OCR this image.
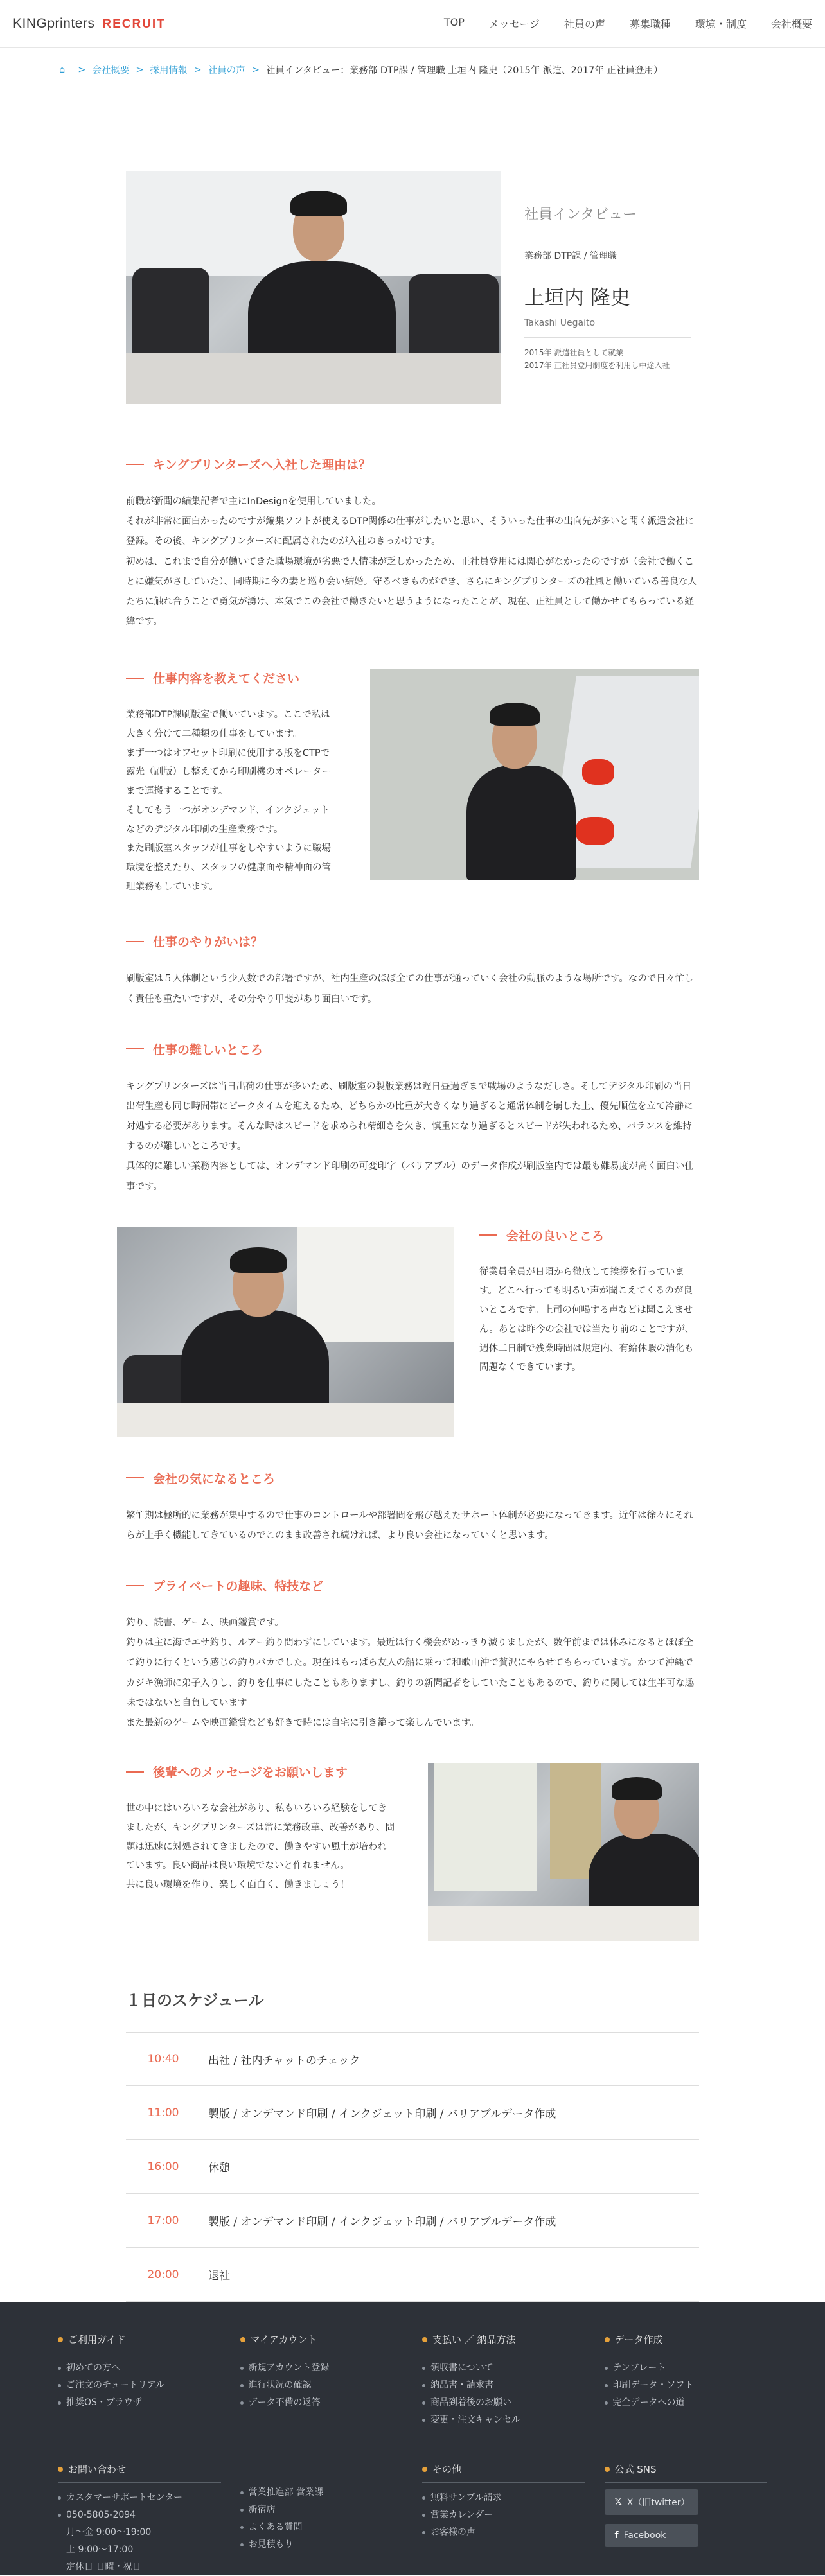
KINGprinters RECRUIT	TOP メッセージ 社員の声 募集職種 環境・制度 会社概要
⌂ > 会社概要 > 採用情報 > 社員の声 > 社員インタビュー：業務部 DTP課 / 管理職 上垣内 隆史（2015年 派遣、2017年 正社員登用）
社員インタビュー
業務部 DTP課 / 管理職
上垣内 隆史
Takashi Uegaito
2015年 派遣社員として就業
2017年 正社員登用制度を利用し中途入社
キングプリンターズへ入社した理由は？

前職が新聞の編集記者で主にInDesignを使用していました。
それが非常に面白かったのですが編集ソフトが使えるDTP関係の仕事がしたいと思い、そういった仕事の出向先が多いと聞く派遣会社に登録。その後、キングプリンターズに配属されたのが入社のきっかけです。
初めは、これまで自分が働いてきた職場環境が劣悪で人情味が乏しかったため、正社員登用には関心がなかったのですが（会社で働くことに嫌気がさしていた）、同時期に今の妻と巡り会い結婚。守るべきものができ、さらにキングプリンターズの社風と働いている善良な人たちに触れ合うことで勇気が湧け、本気でこの会社で働きたいと思うようになったことが、現在、正社員として働かせてもらっている経緯です。

仕事内容を教えてください

業務部DTP課刷版室で働いています。ここで私は大きく分けて二種類の仕事をしています。
まず一つはオフセット印刷に使用する版をCTPで露光（刷版）し整えてから印刷機のオペレーターまで運搬することです。
そしてもう一つがオンデマンド、インクジェットなどのデジタル印刷の生産業務です。
また刷版室スタッフが仕事をしやすいように職場環境を整えたり、スタッフの健康面や精神面の管理業務もしています。

仕事のやりがいは？

刷版室は５人体制という少人数での部署ですが、社内生産のほぼ全ての仕事が通っていく会社の動脈のような場所です。なので日々忙しく責任も重たいですが、その分やり甲斐があり面白いです。

仕事の難しいところ

キングプリンターズは当日出荷の仕事が多いため、刷版室の製版業務は遅日昼過ぎまで戦場のようなだしさ。そしてデジタル印刷の当日出荷生産も同じ時間帯にピークタイムを迎えるため、どちらかの比重が大きくなり過ぎると通常体制を崩した上、優先順位を立て冷静に対処する必要があります。そんな時はスピードを求められ精細さを欠き、慎重になり過ぎるとスピードが失われるため、バランスを維持するのが難しいところです。
具体的に難しい業務内容としては、オンデマンド印刷の可変印字（バリアブル）のデータ作成が刷版室内では最も難易度が高く面白い仕事です。

会社の良いところ

従業員全員が日頃から徹底して挨拶を行っています。どこへ行っても明るい声が聞こえてくるのが良いところです。上司の何喝する声などは聞こえません。あとは昨今の会社では当たり前のことですが、週休二日制で残業時間は規定内、有給休暇の消化も問題なくできています。

会社の気になるところ

繁忙期は極所的に業務が集中するので仕事のコントロールや部署間を飛び越えたサポート体制が必要になってきます。近年は徐々にそれらが上手く機能してきているのでこのまま改善され続ければ、より良い会社になっていくと思います。

プライベートの趣味、特技など

釣り、読書、ゲーム、映画鑑賞です。
釣りは主に海でエサ釣り、ルアー釣り問わずにしています。最近は行く機会がめっきり減りましたが、数年前までは休みになるとほぼ全て釣りに行くという感じの釣りバカでした。現在はもっぱら友人の船に乗って和歌山沖で贅沢にやらせてもらっています。かつて沖縄でカジキ漁師に弟子入りし、釣りを仕事にしたこともありますし、釣りの新聞記者をしていたこともあるので、釣りに関しては生半可な趣味ではないと自負しています。
また最新のゲームや映画鑑賞なども好きで時には自宅に引き籠って楽しんでいます。

後輩へのメッセージをお願いします

世の中にはいろいろな会社があり、私もいろいろ経験をしてきましたが、キングプリンターズは常に業務改革、改善があり、問題は迅速に対処されてきましたので、働きやすい風土が培われています。良い商品は良い環境でないと作れません。
共に良い環境を作り、楽しく面白く、働きましょう！

１日のスケジュール
10:40	出社 / 社内チャットのチェック
11:00	製版 / オンデマンド印刷 / インクジェット印刷 / バリアブルデータ作成
16:00	休憩
17:00	製版 / オンデマンド印刷 / インクジェット印刷 / バリアブルデータ作成
20:00	退社
ご利用ガイド
初めての方へ
ご注文のチュートリアル
推奨OS・ブラウザ
マイアカウント
新規アカウント登録
進行状況の確認
データ不備の返答
支払い ／ 納品方法
領収書について
納品書・請求書
商品到着後のお願い
変更・注文キャンセル
データ作成
テンプレート
印刷データ・ソフト
完全データへの道
お問い合わせ
カスタマーサポートセンター
050-5805-2094
月〜金 9:00〜19:00
土 9:00〜17:00
定休日 日曜・祝日
営業推進部 営業課
新宿店
よくある質問
お見積もり
その他
無料サンプル請求
営業カレンダー
お客様の声
公式 SNS
𝕏 X（旧twitter）
f Facebook
